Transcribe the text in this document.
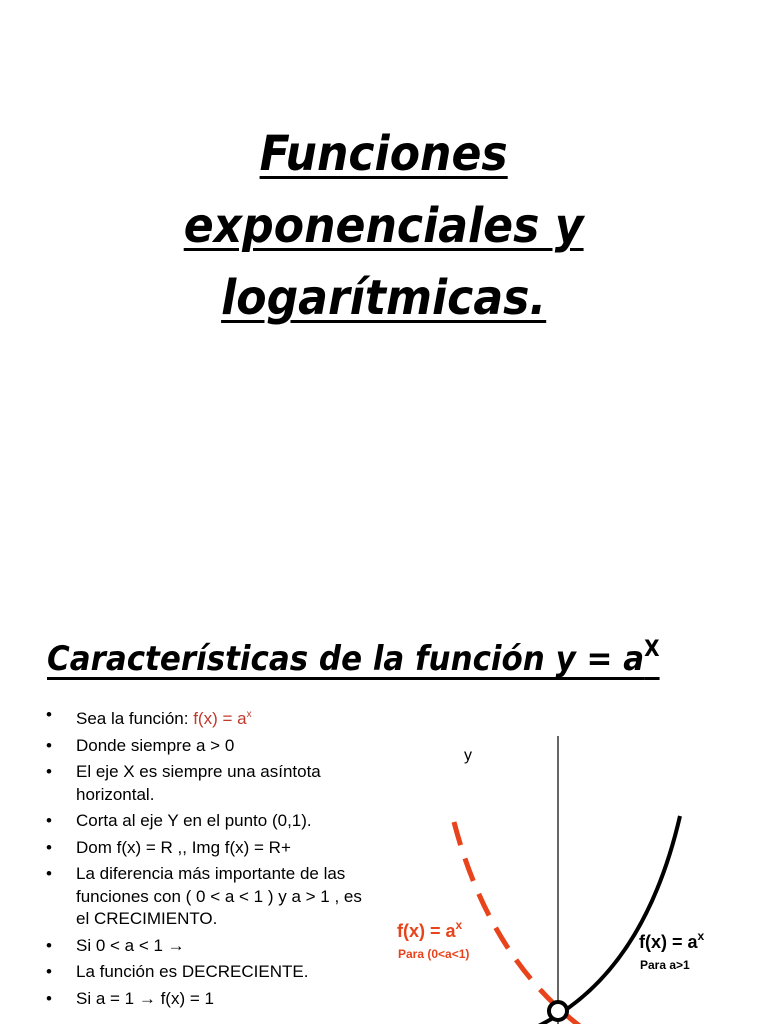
Funciones
exponenciales y
logarítmicas.
Características de la función $y = a^X$
• Sea la función: $f(x) = a^x$
• Donde siempre a > 0
• El eje X es siempre una asíntota horizontal.
• Corta al eje Y en el punto (0,1).
• Dom f(x) = R ,, Img f(x) = R+
• La diferencia más importante de las funciones con ( 0 < a < 1 ) y a > 1 , es el CRECIMIENTO.
• Si 0 < a < 1 →
• La función es DECRECIENTE.
• Si a = 1 → f(x) = 1
y
$f(x) = a^x$
Para (0<a<1)
$f(x) = a^x$
Para a>1
